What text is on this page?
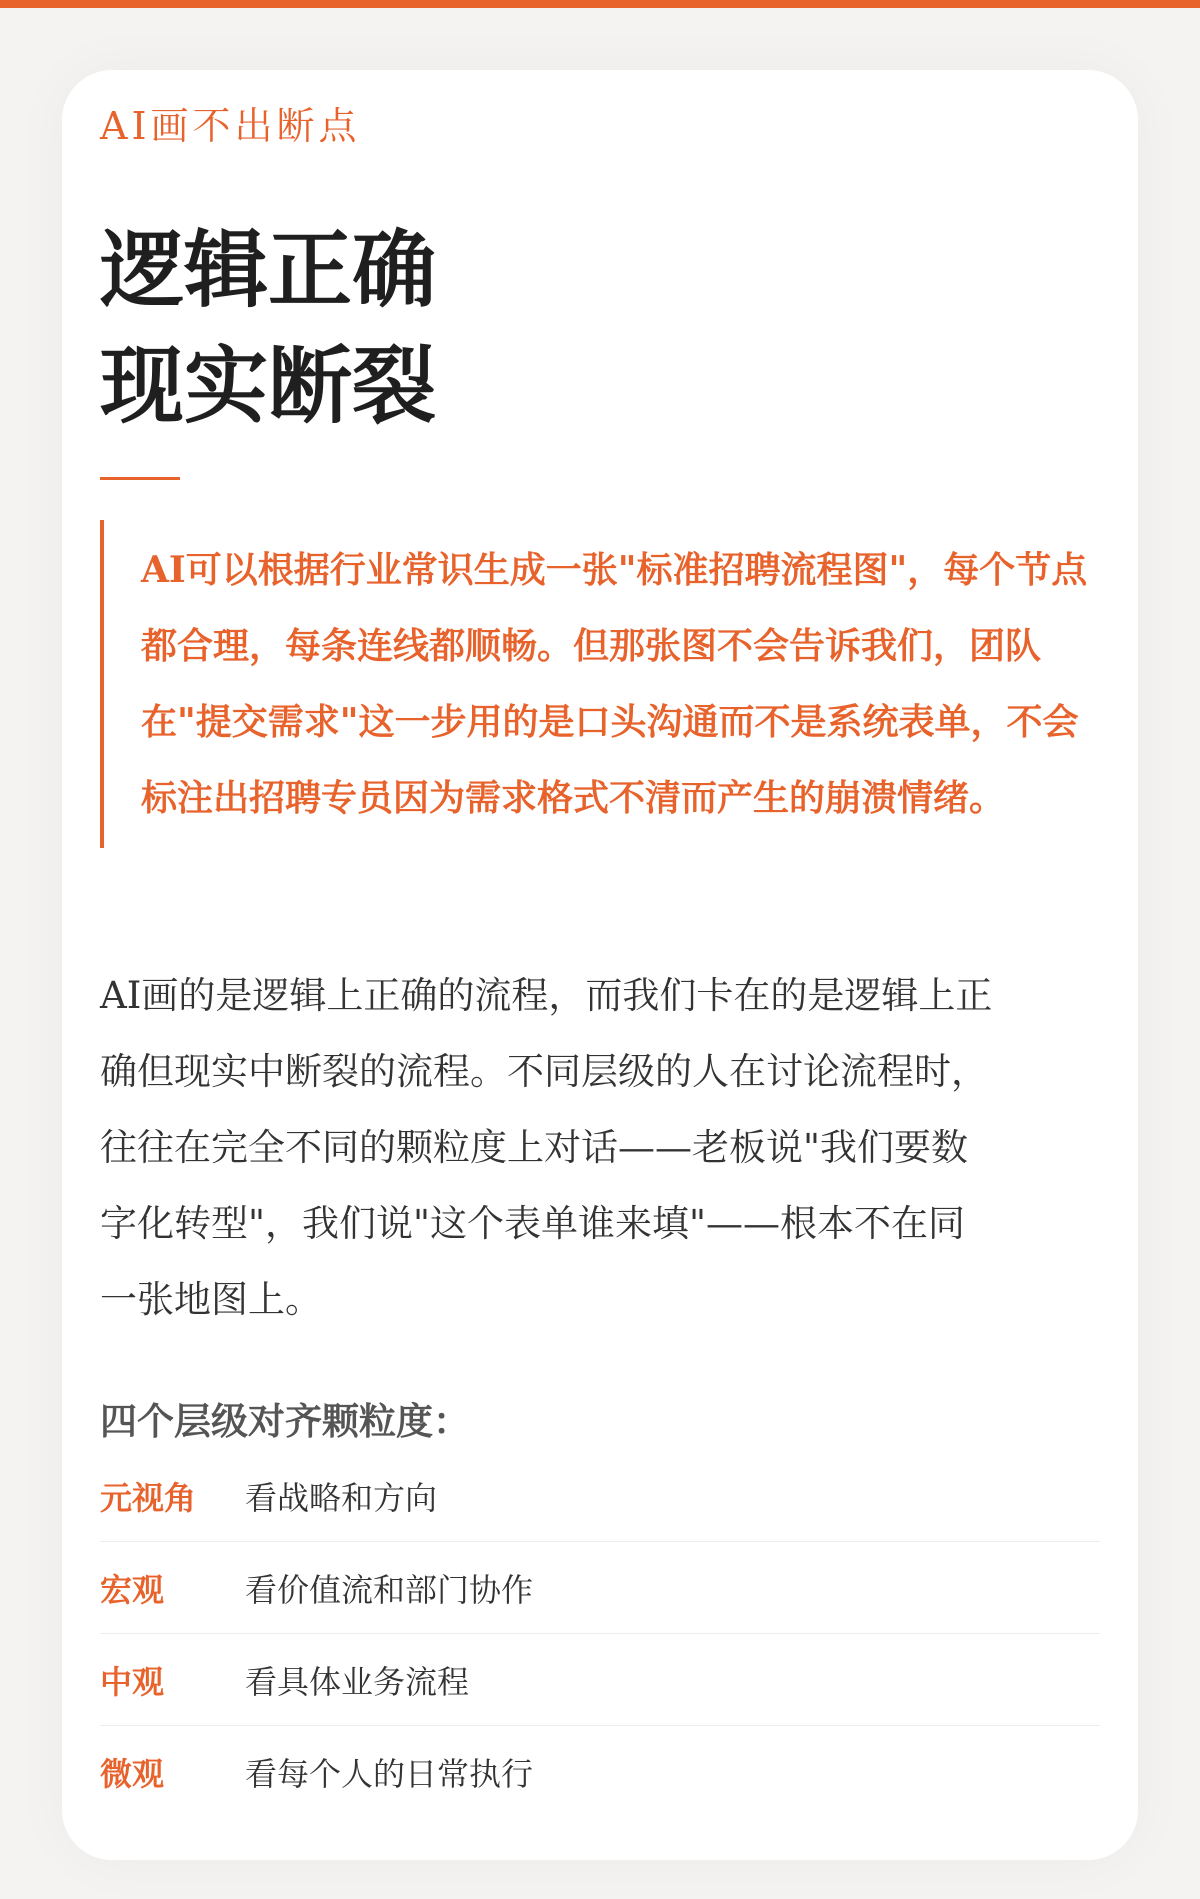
AI画不出断点
逻辑正确
现实断裂
AI可以根据行业常识生成一张"标准招聘流程图"，每个节点都合理，每条连线都顺畅。但那张图不会告诉我们，团队在"提交需求"这一步用的是口头沟通而不是系统表单，不会标注出招聘专员因为需求格式不清而产生的崩溃情绪。
AI画的是逻辑上正确的流程，而我们卡在的是逻辑上正确但现实中断裂的流程。不同层级的人在讨论流程时，往往在完全不同的颗粒度上对话——老板说"我们要数字化转型"，我们说"这个表单谁来填"——根本不在同一张地图上。
四个层级对齐颗粒度：
元视角	看战略和方向
宏观	看价值流和部门协作
中观	看具体业务流程
微观	看每个人的日常执行
